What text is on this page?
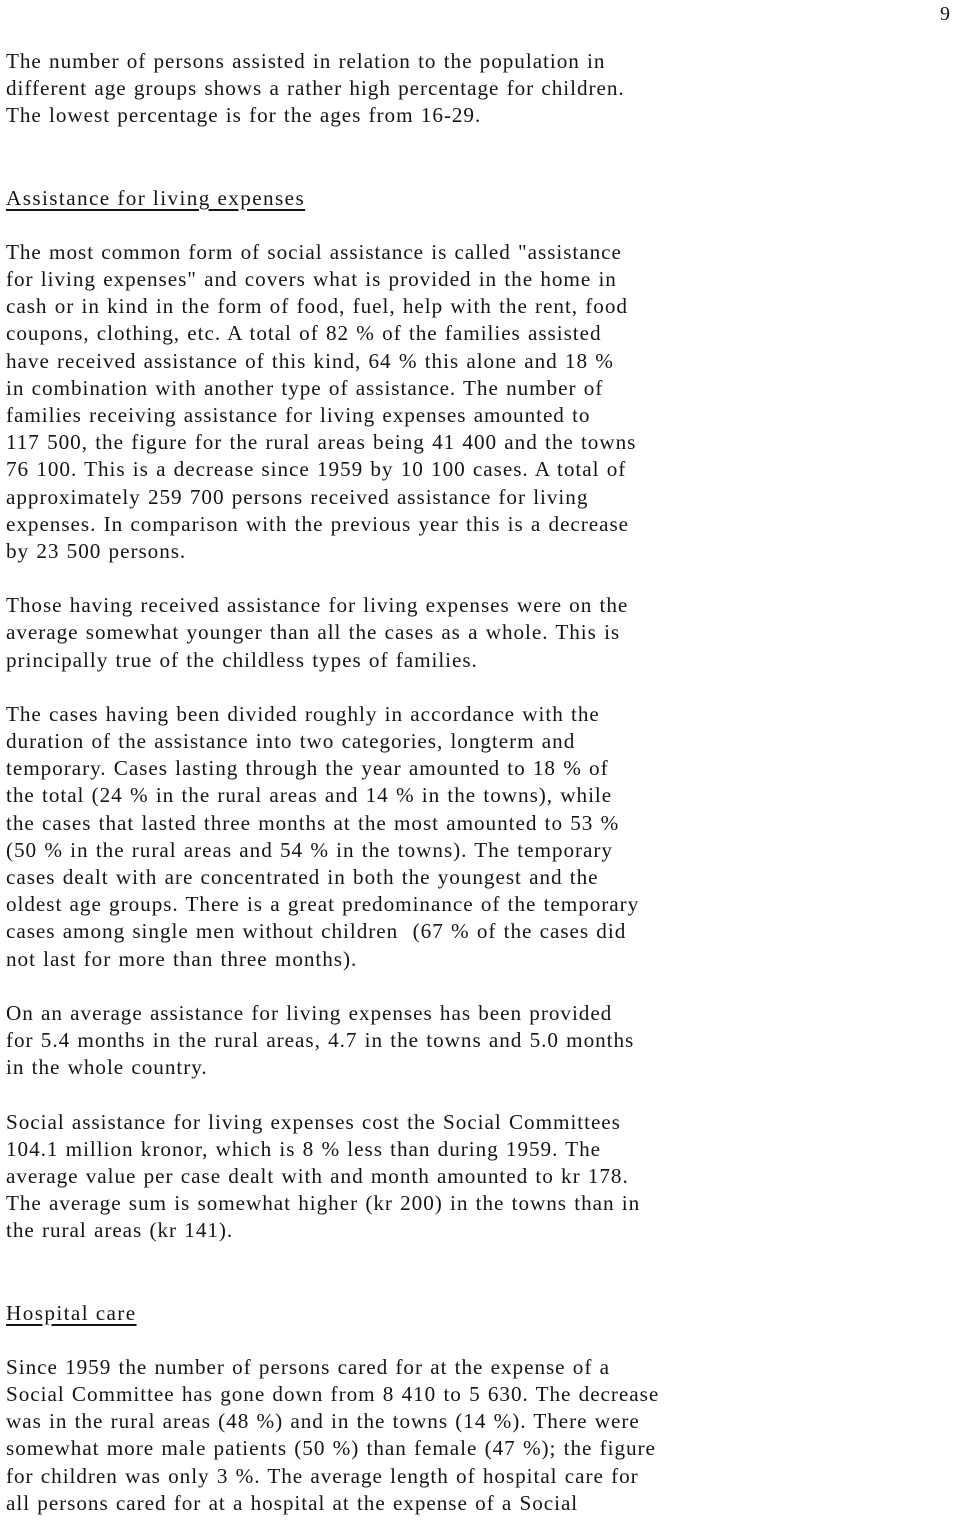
9
The number of persons assisted in relation to the population in
different age groups shows a rather high percentage for children.
The lowest percentage is for the ages from 16-29.
Assistance for living expenses
The most common form of social assistance is called "assistance
for living expenses" and covers what is provided in the home in
cash or in kind in the form of food, fuel, help with the rent, food
coupons, clothing, etc. A total of 82 % of the families assisted
have received assistance of this kind, 64 % this alone and 18 %
in combination with another type of assistance. The number of
families receiving assistance for living expenses amounted to
117 500, the figure for the rural areas being 41 400 and the towns
76 100. This is a decrease since 1959 by 10 100 cases. A total of
approximately 259 700 persons received assistance for living
expenses. In comparison with the previous year this is a decrease
by 23 500 persons.
Those having received assistance for living expenses were on the
average somewhat younger than all the cases as a whole. This is
principally true of the childless types of families.
The cases having been divided roughly in accordance with the
duration of the assistance into two categories, longterm and
temporary. Cases lasting through the year amounted to 18 % of
the total (24 % in the rural areas and 14 % in the towns), while
the cases that lasted three months at the most amounted to 53 %
(50 % in the rural areas and 54 % in the towns). The temporary
cases dealt with are concentrated in both the youngest and the
oldest age groups. There is a great predominance of the temporary
cases among single men without children  (67 % of the cases did
not last for more than three months).
On an average assistance for living expenses has been provided
for 5.4 months in the rural areas, 4.7 in the towns and 5.0 months
in the whole country.
Social assistance for living expenses cost the Social Committees
104.1 million kronor, which is 8 % less than during 1959. The
average value per case dealt with and month amounted to kr 178.
The average sum is somewhat higher (kr 200) in the towns than in
the rural areas (kr 141).
Hospital care
Since 1959 the number of persons cared for at the expense of a
Social Committee has gone down from 8 410 to 5 630. The decrease
was in the rural areas (48 %) and in the towns (14 %). There were
somewhat more male patients (50 %) than female (47 %); the figure
for children was only 3 %. The average length of hospital care for
all persons cared for at a hospital at the expense of a Social
